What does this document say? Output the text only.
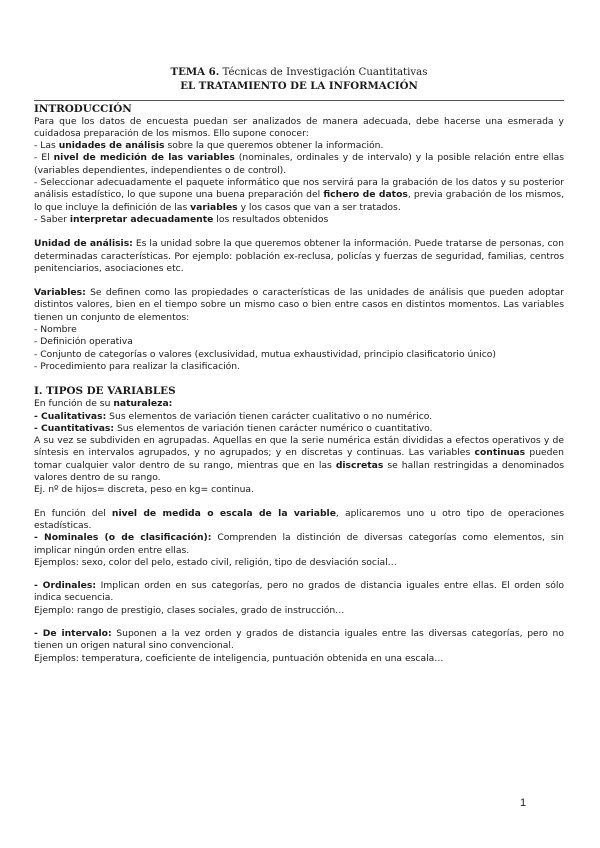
TEMA 6. Técnicas de Investigación Cuantitativas
EL TRATAMIENTO DE LA INFORMACIÓN
INTRODUCCIÓN

Para que los datos de encuesta puedan ser analizados de manera adecuada, debe hacerse una esmerada y cuidadosa preparación de los mismos. Ello supone conocer:

- Las unidades de análisis sobre la que queremos obtener la información.

- El nivel de medición de las variables (nominales, ordinales y de intervalo) y la posible relación entre ellas (variables dependientes, independientes o de control).

- Seleccionar adecuadamente el paquete informático que nos servirá para la grabación de los datos y su posterior análisis estadístico, lo que supone una buena preparación del fichero de datos, previa grabación de los mismos, lo que incluye la definición de las variables y los casos que van a ser tratados.

- Saber interpretar adecuadamente los resultados obtenidos

Unidad de análisis: Es la unidad sobre la que queremos obtener la información. Puede tratarse de personas, con determinadas características. Por ejemplo: población ex-reclusa, policías y fuerzas de seguridad, familias, centros penitenciarios, asociaciones etc.

Variables: Se definen como las propiedades o características de las unidades de análisis que pueden adoptar distintos valores, bien en el tiempo sobre un mismo caso o bien entre casos en distintos momentos. Las variables tienen un conjunto de elementos:

- Nombre

- Definición operativa

- Conjunto de categorías o valores (exclusividad, mutua exhaustividad, principio clasificatorio único)

- Procedimiento para realizar la clasificación.

I. TIPOS DE VARIABLES

En función de su naturaleza:

- Cualitativas: Sus elementos de variación tienen carácter cualitativo o no numérico.

- Cuantitativas: Sus elementos de variación tienen carácter numérico o cuantitativo.

A su vez se subdividen en agrupadas. Aquellas en que la serie numérica están divididas a efectos operativos y de síntesis en intervalos agrupados, y no agrupados; y en discretas y continuas. Las variables continuas pueden tomar cualquier valor dentro de su rango, mientras que en las discretas se hallan restringidas a denominados valores dentro de su rango.

Ej. nº de hijos= discreta, peso en kg= continua.

En función del nivel de medida o escala de la variable, aplicaremos uno u otro tipo de operaciones estadísticas.

- Nominales (o de clasificación): Comprenden la distinción de diversas categorías como elementos, sin implicar ningún orden entre ellas.

Ejemplos: sexo, color del pelo, estado civil, religión, tipo de desviación social…

- Ordinales: Implican orden en sus categorías, pero no grados de distancia iguales entre ellas. El orden sólo indica secuencia.

Ejemplo: rango de prestigio, clases sociales, grado de instrucción…

- De intervalo: Suponen a la vez orden y grados de distancia iguales entre las diversas categorías, pero no tienen un origen natural sino convencional.

Ejemplos: temperatura, coeficiente de inteligencia, puntuación obtenida en una escala…

1
